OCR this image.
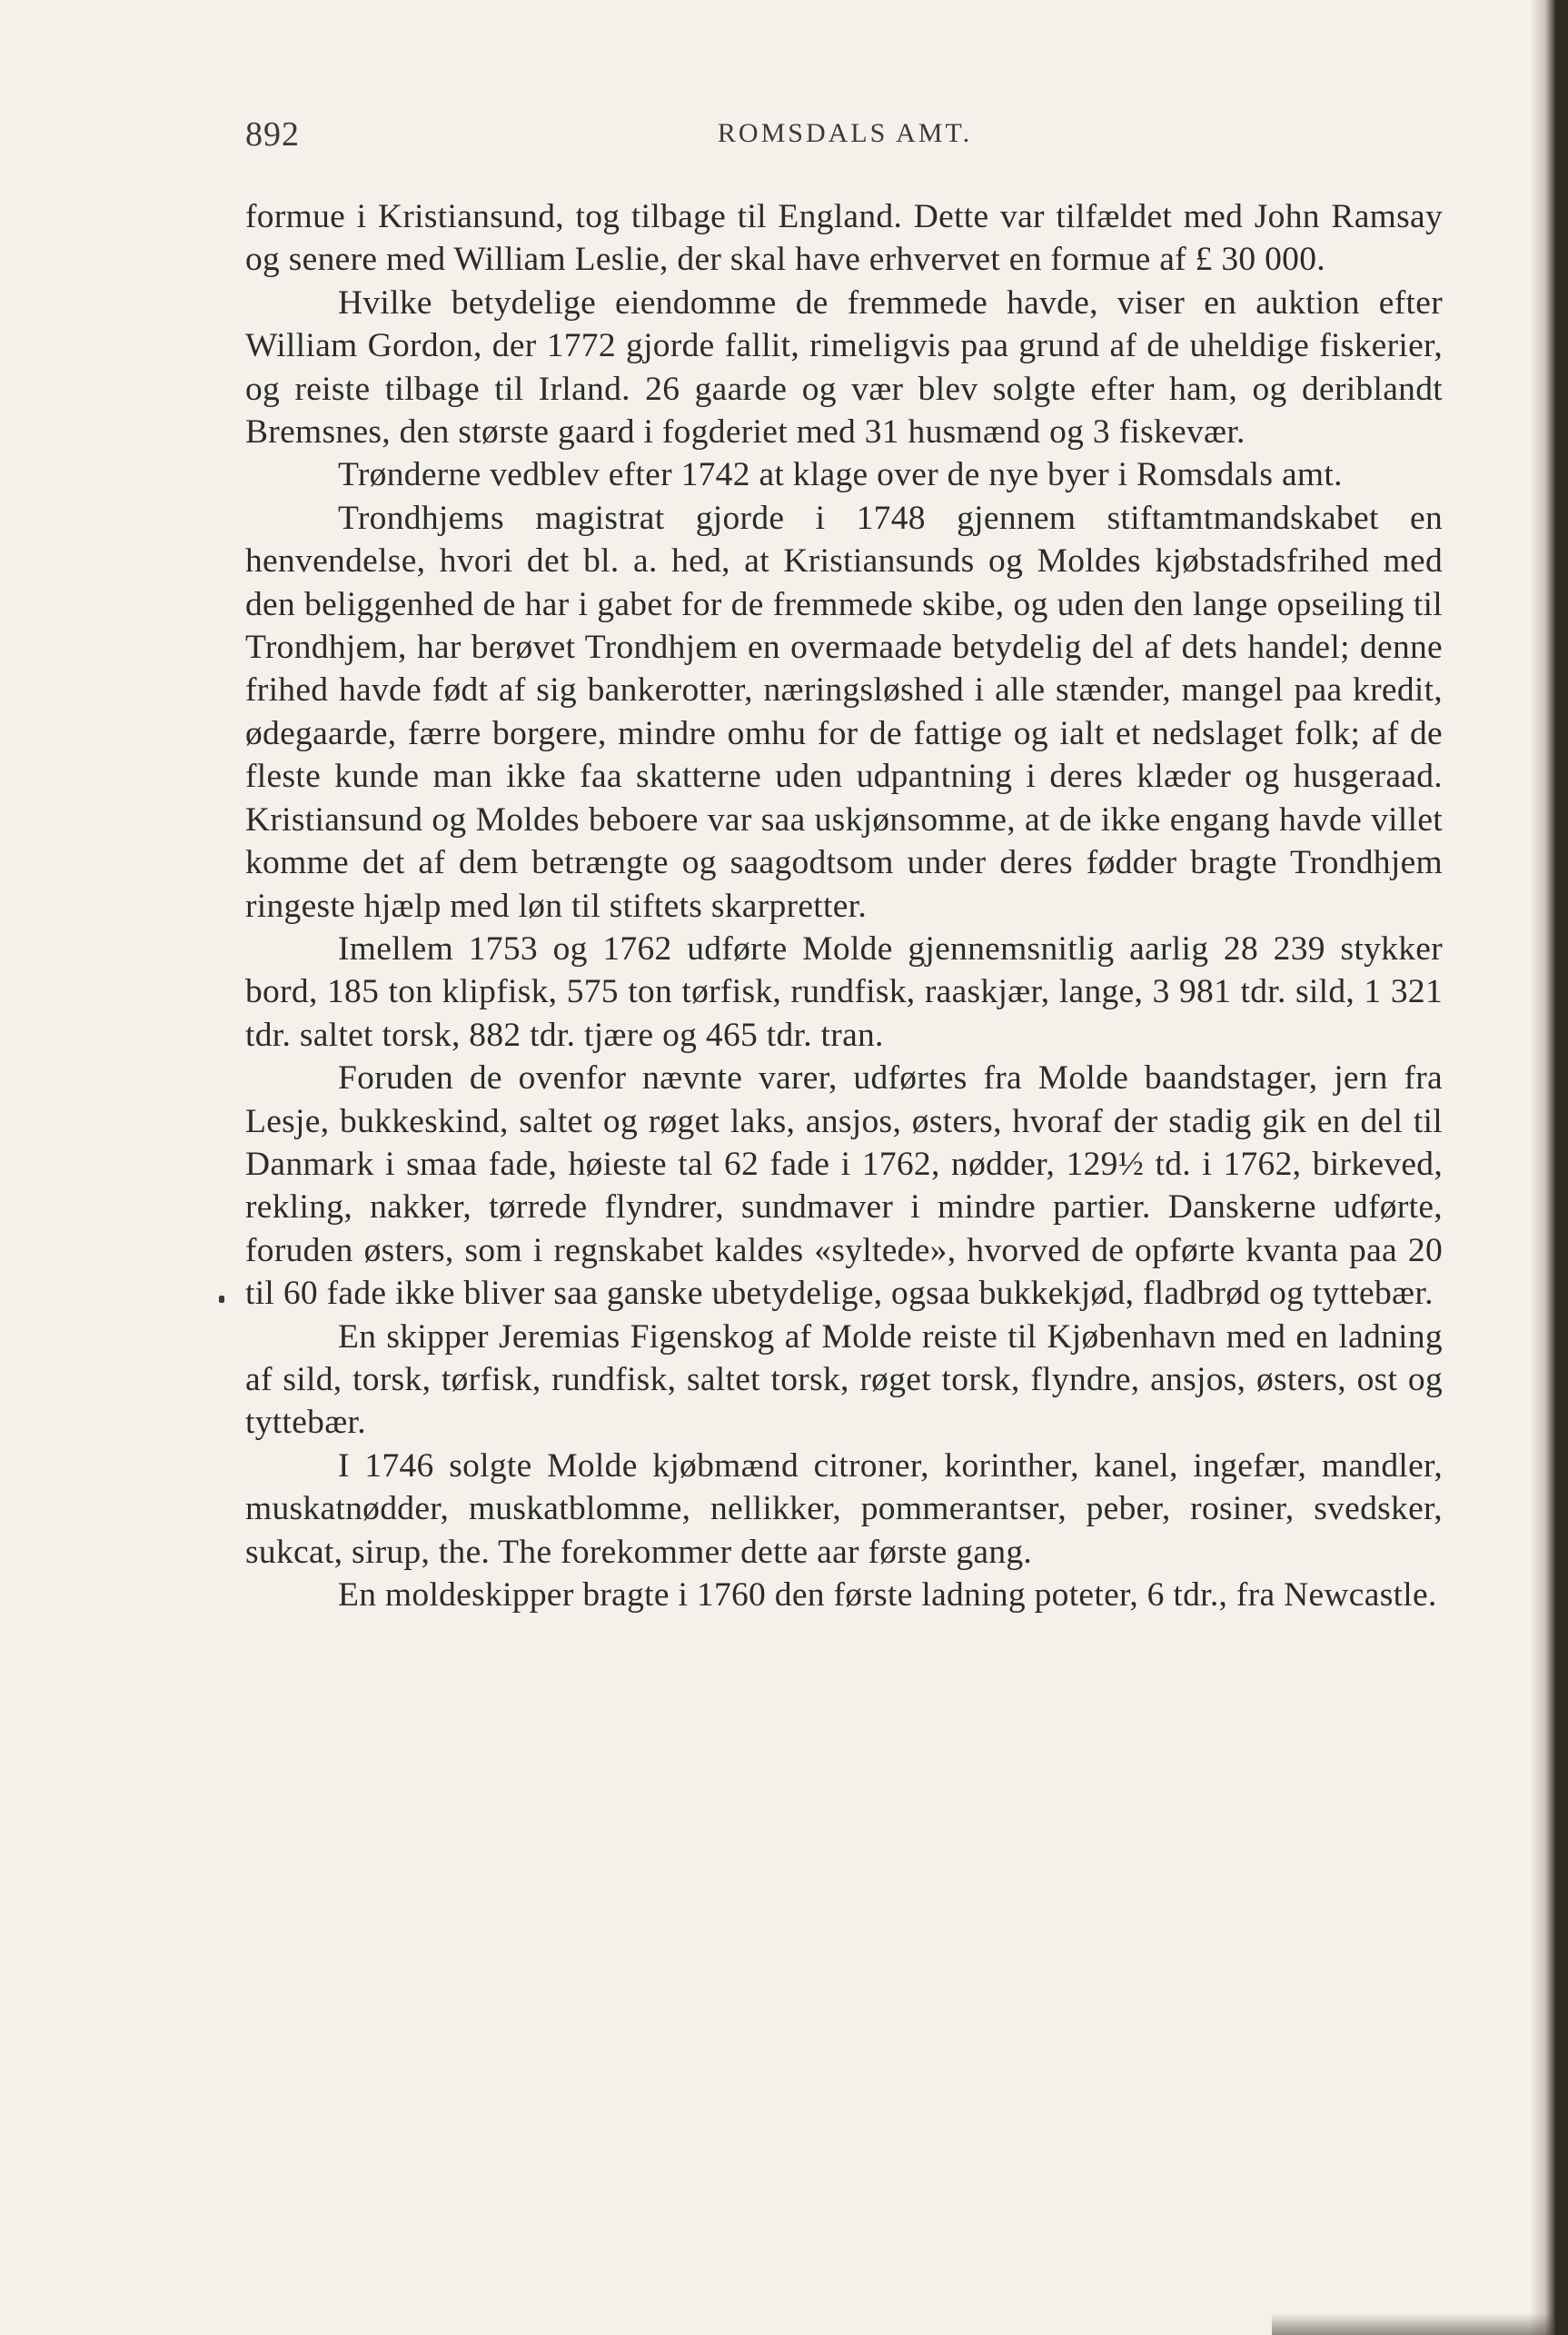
892	ROMSDALS AMT.

formue i Kristiansund, tog tilbage til England. Dette var tilfældet med John Ramsay og senere med William Leslie, der skal have erhvervet en formue af £ 30 000.

Hvilke betydelige eiendomme de fremmede havde, viser en auktion efter William Gordon, der 1772 gjorde fallit, rimeligvis paa grund af de uheldige fiskerier, og reiste tilbage til Irland. 26 gaarde og vær blev solgte efter ham, og deriblandt Bremsnes, den største gaard i fogderiet med 31 husmænd og 3 fiskevær.

Trønderne vedblev efter 1742 at klage over de nye byer i Romsdals amt.

Trondhjems magistrat gjorde i 1748 gjennem stiftamtmandskabet en henvendelse, hvori det bl. a. hed, at Kristiansunds og Moldes kjøbstadsfrihed med den beliggenhed de har i gabet for de fremmede skibe, og uden den lange opseiling til Trondhjem, har berøvet Trondhjem en overmaade betydelig del af dets handel; denne frihed havde født af sig bankerotter, næringsløshed i alle stænder, mangel paa kredit, ødegaarde, færre borgere, mindre omhu for de fattige og ialt et nedslaget folk; af de fleste kunde man ikke faa skatterne uden udpantning i deres klæder og husgeraad. Kristiansund og Moldes beboere var saa uskjønsomme, at de ikke engang havde villet komme det af dem betrængte og saagodtsom under deres fødder bragte Trondhjem ringeste hjælp med løn til stiftets skarpretter.

Imellem 1753 og 1762 udførte Molde gjennemsnitlig aarlig 28 239 stykker bord, 185 ton klipfisk, 575 ton tørfisk, rundfisk, raaskjær, lange, 3 981 tdr. sild, 1 321 tdr. saltet torsk, 882 tdr. tjære og 465 tdr. tran.

Foruden de ovenfor nævnte varer, udførtes fra Molde baandstager, jern fra Lesje, bukkeskind, saltet og røget laks, ansjos, østers, hvoraf der stadig gik en del til Danmark i smaa fade, høieste tal 62 fade i 1762, nødder, 129½ td. i 1762, birkeved, rekling, nakker, tørrede flyndrer, sundmaver i mindre partier. Danskerne udførte, foruden østers, som i regnskabet kaldes «syltede», hvorved de opførte kvanta paa 20 til 60 fade ikke bliver saa ganske ubetydelige, ogsaa bukkekjød, fladbrød og tyttebær.

En skipper Jeremias Figenskog af Molde reiste til Kjøbenhavn med en ladning af sild, torsk, tørfisk, rundfisk, saltet torsk, røget torsk, flyndre, ansjos, østers, ost og tyttebær.

I 1746 solgte Molde kjøbmænd citroner, korinther, kanel, ingefær, mandler, muskatnødder, muskatblomme, nellikker, pommerantser, peber, rosiner, svedsker, sukcat, sirup, the. The forekommer dette aar første gang.

En moldeskipper bragte i 1760 den første ladning poteter, 6 tdr., fra Newcastle.
